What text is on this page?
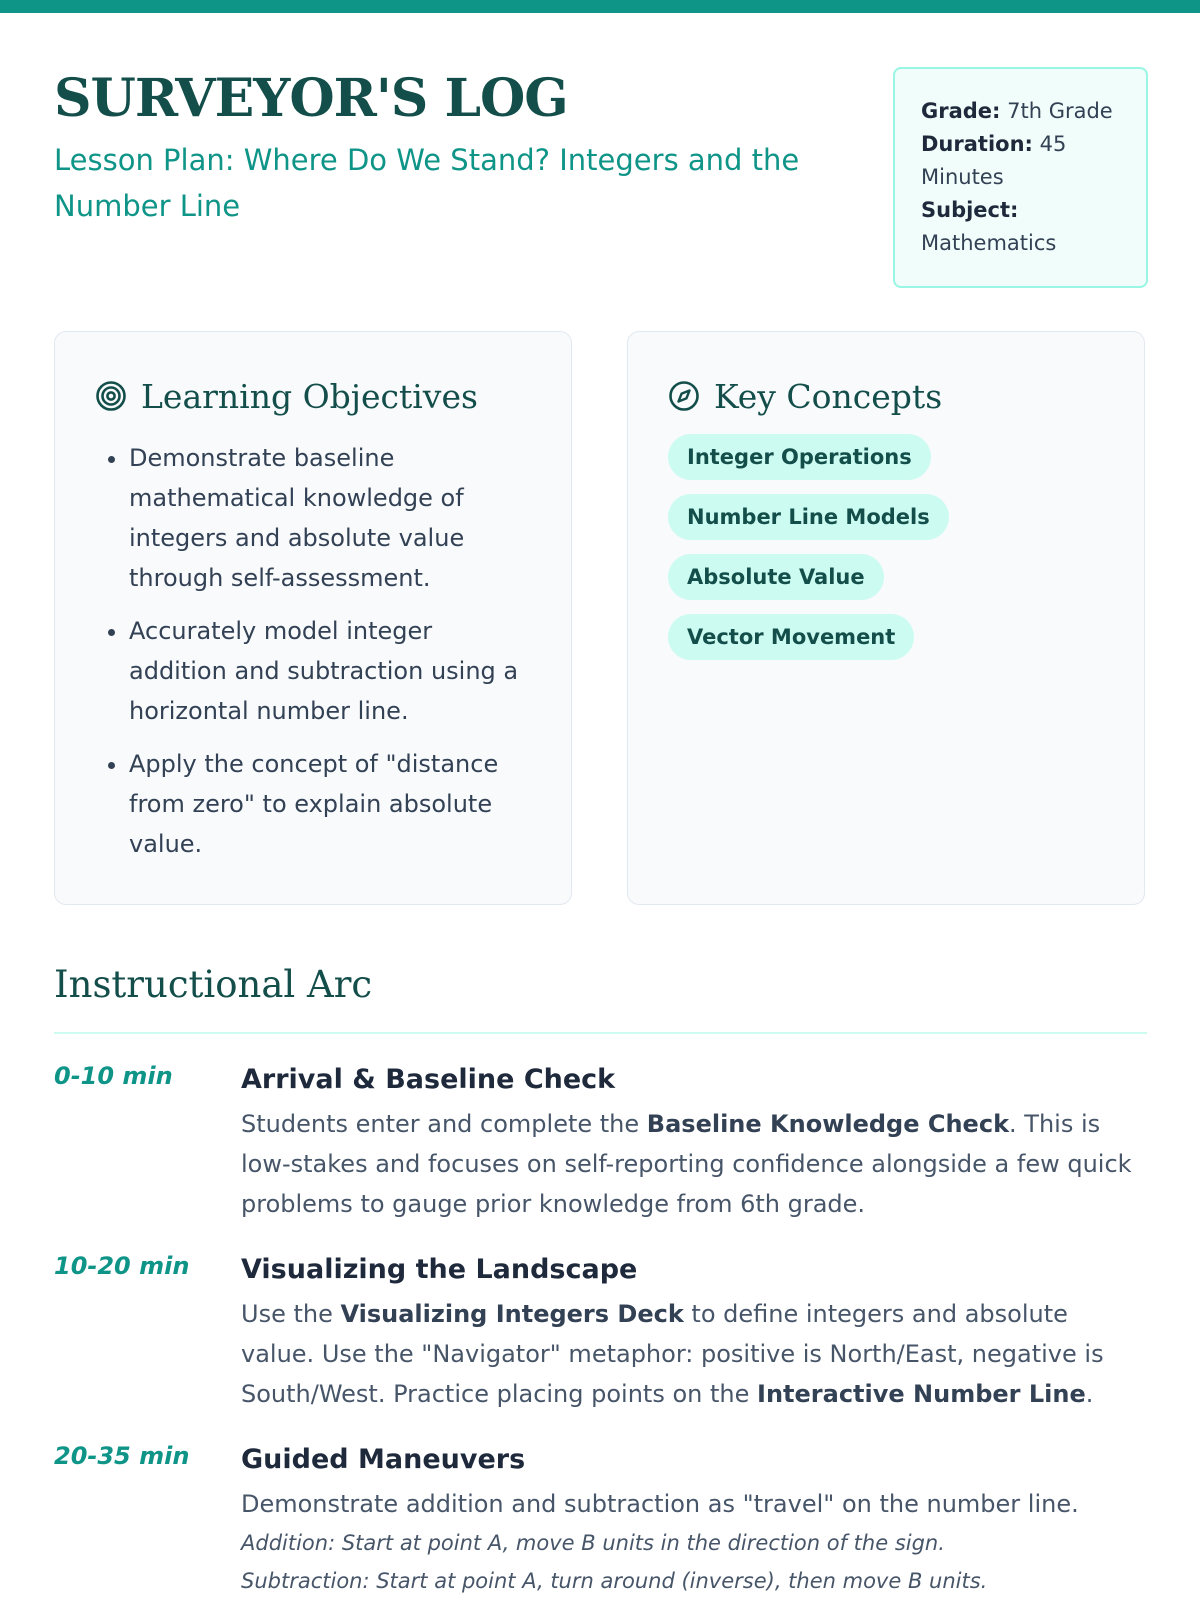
SURVEYOR'S LOG
Lesson Plan: Where Do We Stand? Integers and the Number Line
Grade: 7th Grade
Duration: 45 Minutes
Subject: Mathematics
Learning Objectives
• Demonstrate baseline mathematical knowledge of integers and absolute value through self-assessment.
• Accurately model integer addition and subtraction using a horizontal number line.
• Apply the concept of "distance from zero" to explain absolute value.
Key Concepts
Integer Operations
Number Line Models
Absolute Value
Vector Movement
Instructional Arc
0-10 min	Arrival & Baseline Check

Students enter and complete the Baseline Knowledge Check. This is low-stakes and focuses on self-reporting confidence alongside a few quick problems to gauge prior knowledge from 6th grade.

10-20 min Visualizing the Landscape

Use the Visualizing Integers Deck to define integers and absolute value. Use the "Navigator" metaphor: positive is North/East, negative is South/West. Practice placing points on the Interactive Number Line.

20-35 min Guided Maneuvers

Demonstrate addition and subtraction as "travel" on the number line.

Addition: Start at point A, move B units in the direction of the sign.

Subtraction: Start at point A, turn around (inverse), then move B units.
